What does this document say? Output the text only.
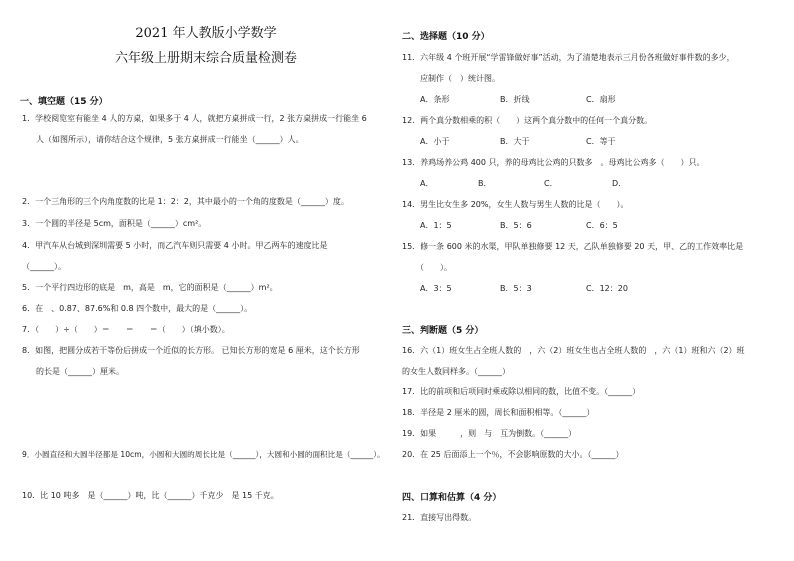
2021 年人教版小学数学
六年级上册期末综合质量检测卷
一、填空题（15 分）
1．学校阅览室有能坐 4 人的方桌，如果多于 4 人，就把方桌拼成一行，2 张方桌拼成一行能坐 6
人（如图所示），请你结合这个规律，5 张方桌拼成一行能坐（______）人。
2．一个三角形的三个内角度数的比是 1：2：2，其中最小的一个角的度数是（______）度。
3．一个圆的半径是 5cm，面积是（______）cm²。
4．甲汽车从台城到深圳需要 5 小时，而乙汽车则只需要 4 小时。甲乙两车的速度比是
（______）。
5．一个平行四边形的底是　m，高是　m，它的面积是（______）m²。
6．在　、0.87、87.6%和 0.8 四个数中，最大的是（______）。
7．（　　）÷（　　）＝　　＝　　＝（　　）（填小数）。
8．如图，把圆分成若干等份后拼成一个近似的长方形。 已知长方形的宽是 6 厘米，这个长方形
的长是（______）厘米。
9．小圆直径和大圆半径都是 10cm，小圆和大圆的周长比是（______），大圆和小圆的面积比是（______）。
10．比 10 吨多　是（______）吨，比（______）千克少　是 15 千克。
二、选择题（10 分）
11．六年级 4 个班开展“学雷锋做好事”活动，为了清楚地表示三月份各班做好事件数的多少，
应制作（　）统计图。
A．条形	B．折线	C．扇形
12．两个真分数相乘的积（　　）这两个真分数中的任何一个真分数。
A．小于	B．大于	C．等于
13．养鸡场养公鸡 400 只，养的母鸡比公鸡的只数多　。母鸡比公鸡多（　　）只。
A．	B．	C．	D．
14．男生比女生多 20%，女生人数与男生人数的比是（　　）。
A．1：5	B．5：6	C．6：5
15．修一条 600 米的水渠，甲队单独修要 12 天，乙队单独修要 20 天，甲、乙的工作效率比是
（　　）。
A．3：5	B．5：3	C．12：20
三、判断题（5 分）
16．六（1）班女生占全班人数的　，六（2）班女生也占全班人数的　，六（1）班和六（2）班
的女生人数同样多。（______）
17．比的前项和后项同时乘或除以相同的数，比值不变。（______）
18．半径是 2 厘米的圆，周长和面积相等。（______）
19．如果　　　，则　与　互为倒数。（______）
20．在 25 后面添上一个％，不会影响原数的大小。（______）
四、口算和估算（4 分）
21．直接写出得数。
